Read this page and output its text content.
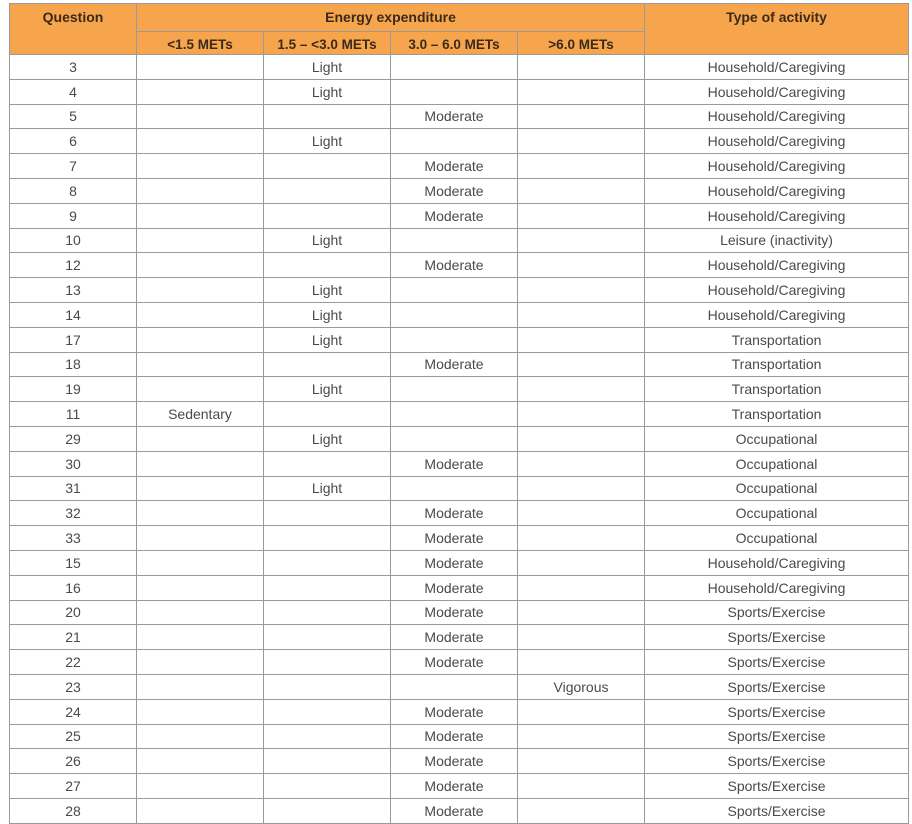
Question	Energy expenditure				Type of activity
	<1.5 METs	1.5 – <3.0 METs	3.0 – 6.0 METs	>6.0 METs	
3		Light			Household/Caregiving
4		Light			Household/Caregiving
5			Moderate		Household/Caregiving
6		Light			Household/Caregiving
7			Moderate		Household/Caregiving
8			Moderate		Household/Caregiving
9			Moderate		Household/Caregiving
10		Light			Leisure (inactivity)
12			Moderate		Household/Caregiving
13		Light			Household/Caregiving
14		Light			Household/Caregiving
17		Light			Transportation
18			Moderate		Transportation
19		Light			Transportation
11	Sedentary				Transportation
29		Light			Occupational
30			Moderate		Occupational
31		Light			Occupational
32			Moderate		Occupational
33			Moderate		Occupational
15			Moderate		Household/Caregiving
16			Moderate		Household/Caregiving
20			Moderate		Sports/Exercise
21			Moderate		Sports/Exercise
22			Moderate		Sports/Exercise
23				Vigorous	Sports/Exercise
24			Moderate		Sports/Exercise
25			Moderate		Sports/Exercise
26			Moderate		Sports/Exercise
27			Moderate		Sports/Exercise
28			Moderate		Sports/Exercise
